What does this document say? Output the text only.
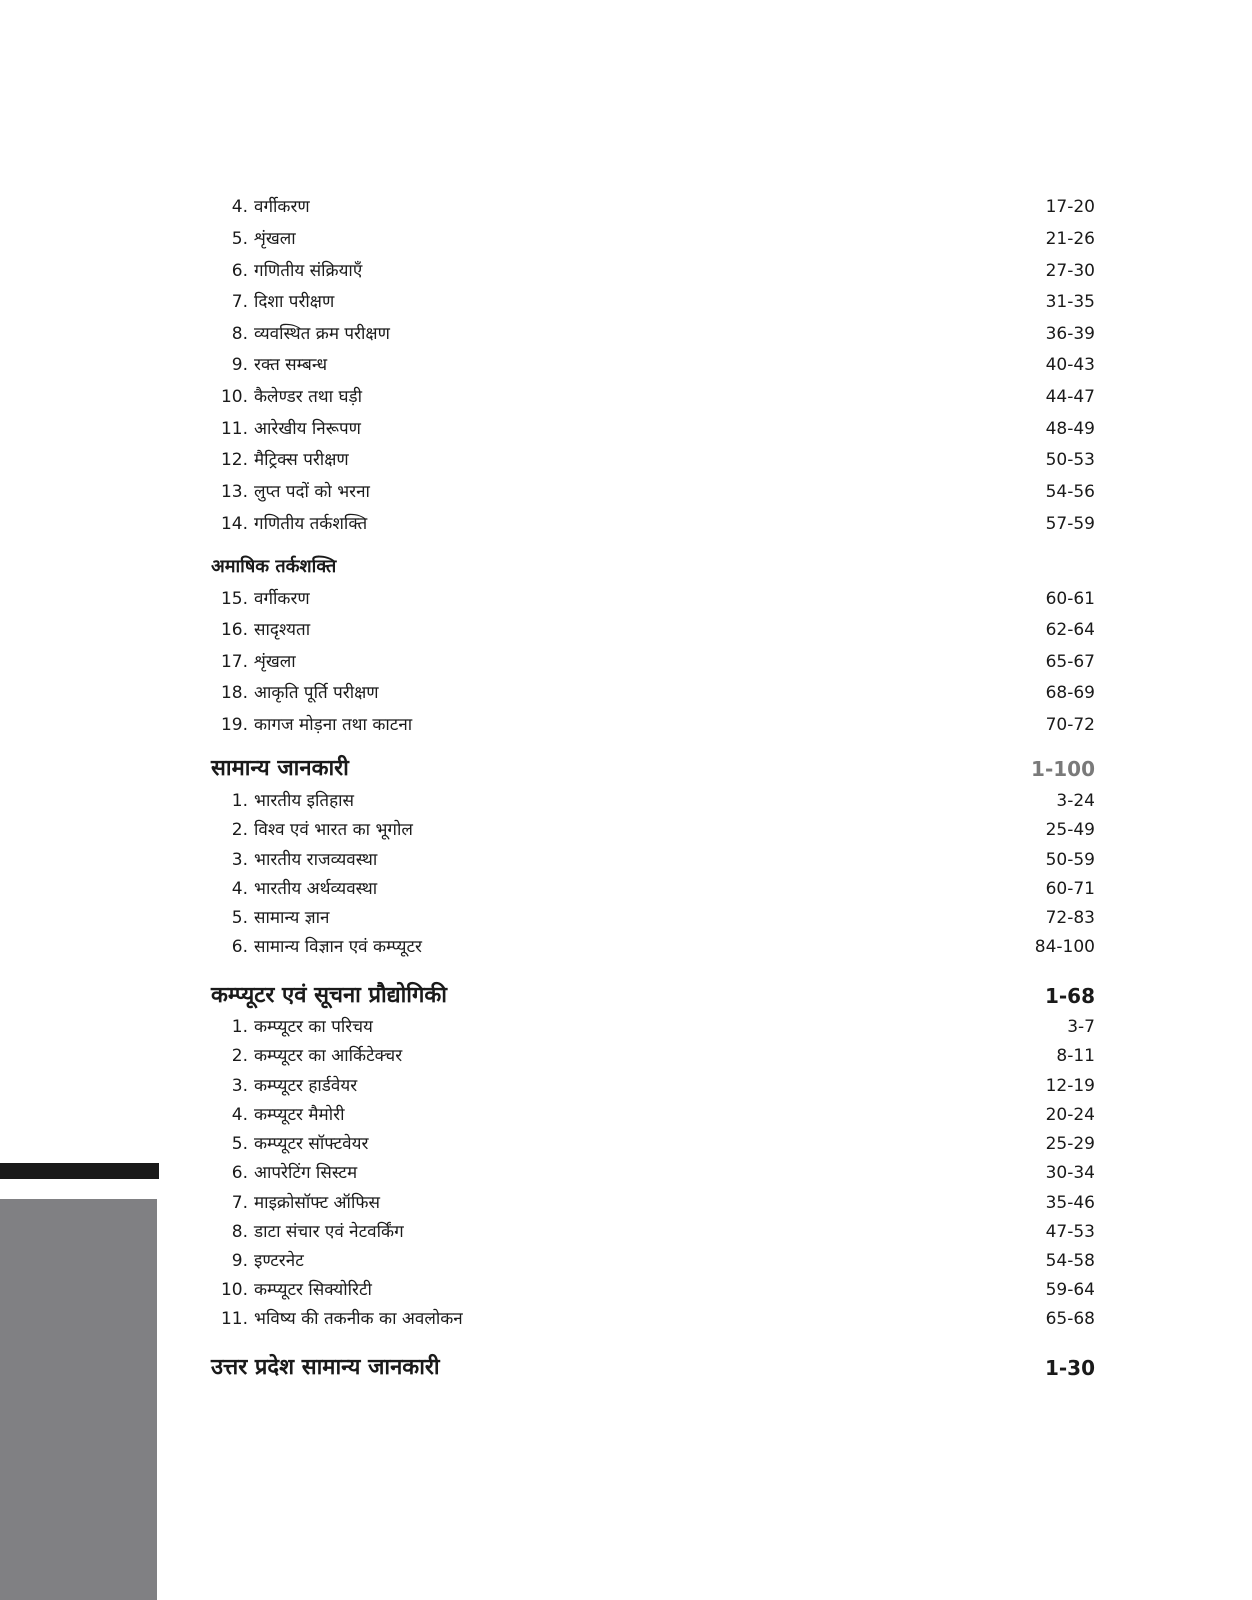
4. वर्गीकरण	17-20
5. शृंखला	21-26
6. गणितीय संक्रियाएँ	27-30
7. दिशा परीक्षण	31-35
8. व्यवस्थित क्रम परीक्षण	36-39
9. रक्त सम्बन्ध	40-43
10. कैलेण्डर तथा घड़ी	44-47
11. आरेखीय निरूपण	48-49
12. मैट्रिक्स परीक्षण	50-53
13. लुप्त पदों को भरना	54-56
14. गणितीय तर्कशक्ति	57-59
अमाषिक तर्कशक्ति
15. वर्गीकरण	60-61
16. सादृश्यता	62-64
17. शृंखला	65-67
18. आकृति पूर्ति परीक्षण	68-69
19. कागज मोड़ना तथा काटना	70-72
सामान्य जानकारी	1-100
1. भारतीय इतिहास	3-24
2. विश्व एवं भारत का भूगोल	25-49
3. भारतीय राजव्यवस्था	50-59
4. भारतीय अर्थव्यवस्था	60-71
5. सामान्य ज्ञान	72-83
6. सामान्य विज्ञान एवं कम्प्यूटर	84-100
कम्प्यूटर एवं सूचना प्रौद्योगिकी	1-68
1. कम्प्यूटर का परिचय	3-7
2. कम्प्यूटर का आर्किटेक्चर	8-11
3. कम्प्यूटर हार्डवेयर	12-19
4. कम्प्यूटर मैमोरी	20-24
5. कम्प्यूटर सॉफ्टवेयर	25-29
6. आपरेटिंग सिस्टम	30-34
7. माइक्रोसॉफ्ट ऑफिस	35-46
8. डाटा संचार एवं नेटवर्किंग	47-53
9. इण्टरनेट	54-58
10. कम्प्यूटर सिक्योरिटी	59-64
11. भविष्य की तकनीक का अवलोकन	65-68
उत्तर प्रदेश सामान्य जानकारी	1-30
